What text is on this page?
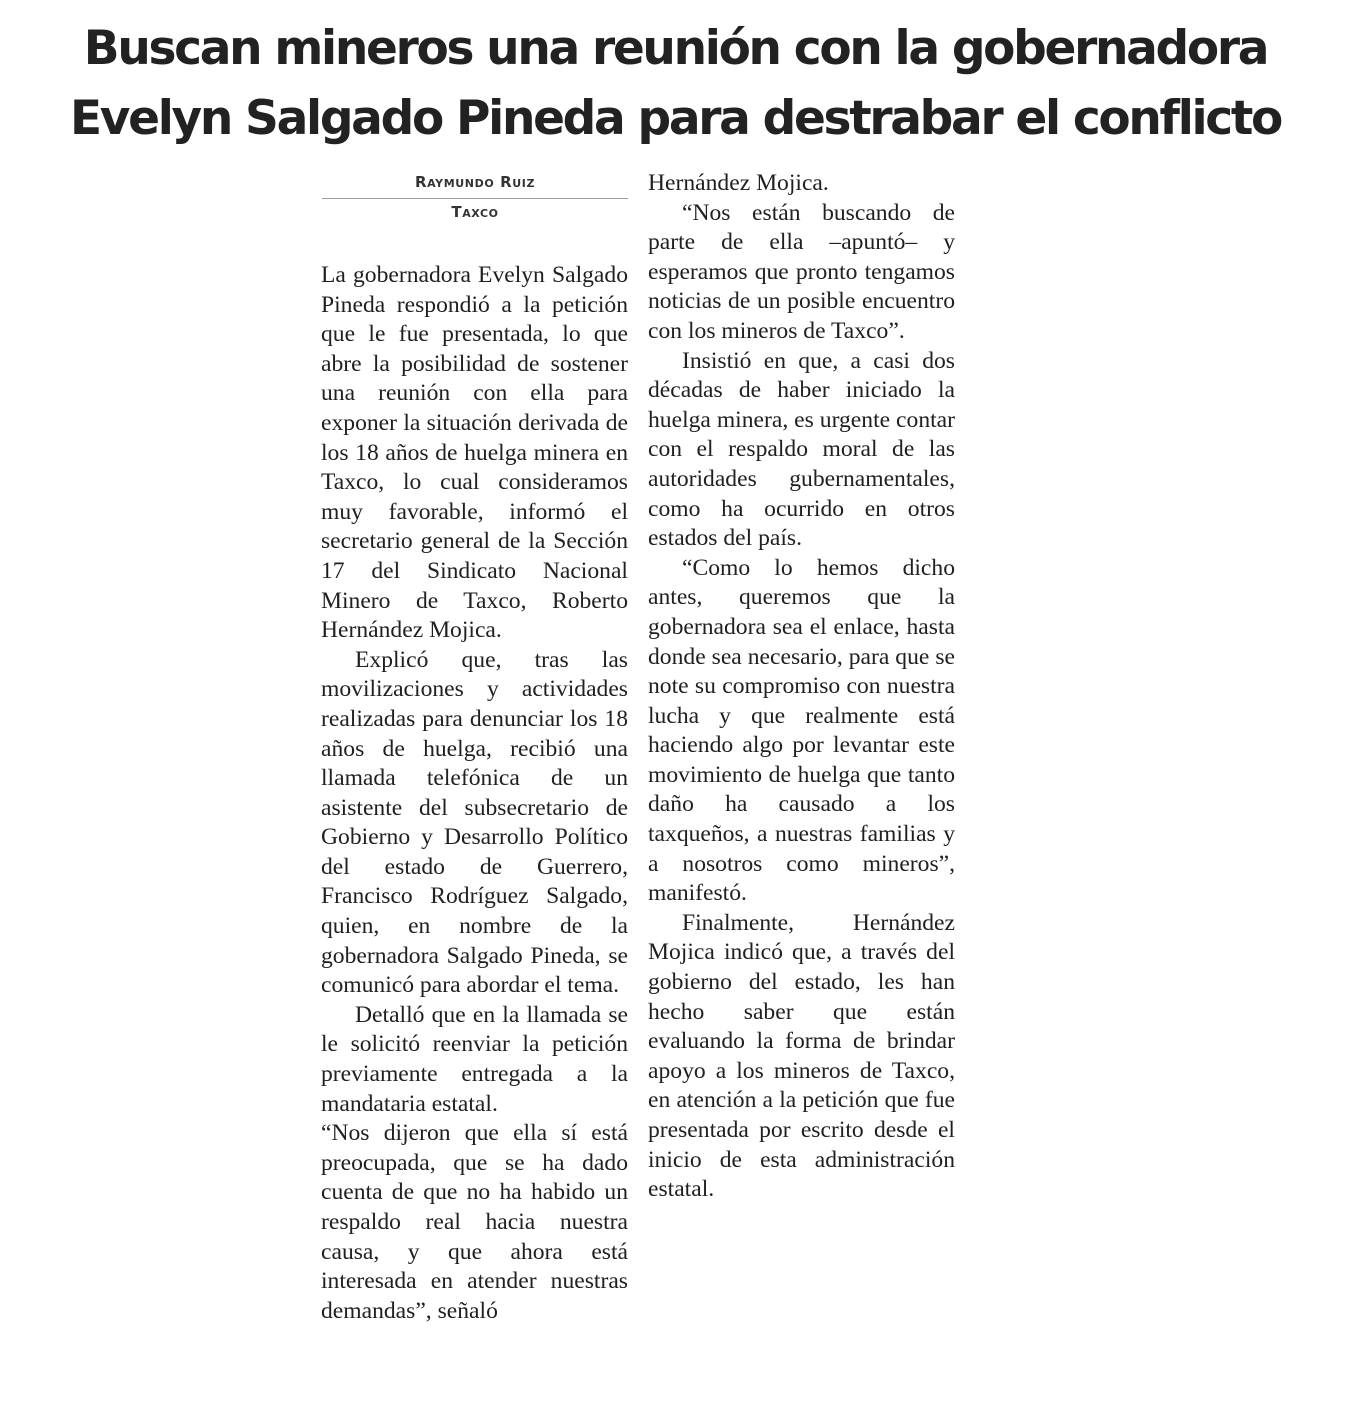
Buscan mineros una reunión con la gobernadora
Evelyn Salgado Pineda para destrabar el conflicto
Raymundo Ruiz
Taxco

La gobernadora Evelyn Salgado Pineda respondió a la petición que le fue presentada, lo que abre la posibilidad de sostener una reunión con ella para exponer la situación derivada de los 18 años de huelga minera en Taxco, lo cual consideramos muy favorable, informó el secretario general de la Sección 17 del Sindicato Nacional Minero de Taxco, Roberto Hernández Mojica.

Explicó que, tras las movilizaciones y actividades realizadas para denunciar los 18 años de huelga, recibió una llamada telefónica de un asistente del subsecretario de Gobierno y Desarrollo Político del estado de Guerrero, Francisco Rodríguez Salgado, quien, en nombre de la gobernadora Salgado Pineda, se comunicó para abordar el tema.

Detalló que en la llamada se le solicitó reenviar la petición previamente entregada a la mandataria estatal.

“Nos dijeron que ella sí está preocupada, que se ha dado cuenta de que no ha habido un respaldo real hacia nuestra causa, y que ahora está interesada en atender nuestras demandas”, señaló

Hernández Mojica.

“Nos están buscando de parte de ella –apuntó– y esperamos que pronto tengamos noticias de un posible encuentro con los mineros de Taxco”.

Insistió en que, a casi dos décadas de haber iniciado la huelga minera, es urgente contar con el respaldo moral de las autoridades gubernamentales, como ha ocurrido en otros estados del país.

“Como lo hemos dicho antes, queremos que la gobernadora sea el enlace, hasta donde sea necesario, para que se note su compromiso con nuestra lucha y que realmente está haciendo algo por levantar este movimiento de huelga que tanto daño ha causado a los taxqueños, a nuestras familias y a nosotros como mineros”, manifestó.

Finalmente, Hernández Mojica indicó que, a través del gobierno del estado, les han hecho saber que están evaluando la forma de brindar apoyo a los mineros de Taxco, en atención a la petición que fue presentada por escrito desde el inicio de esta administración estatal.
